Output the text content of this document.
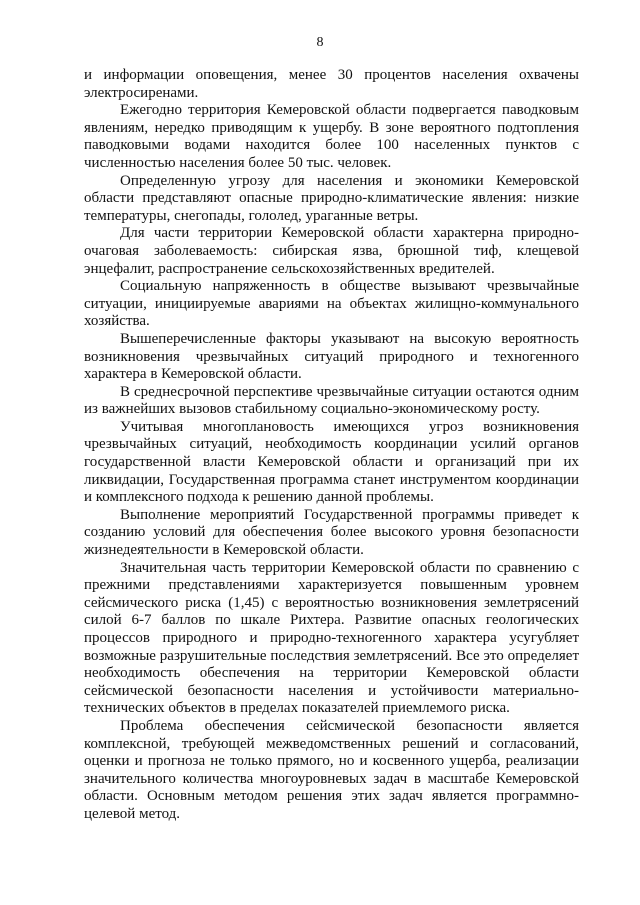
8

и информации оповещения, менее 30 процентов населения охвачены электросиренами.

Ежегодно территория Кемеровской области подвергается паводковым явлениям, нередко приводящим к ущербу. В зоне вероятного подтопления паводковыми водами находится более 100 населенных пунктов с численностью населения более 50 тыс. человек.

Определенную угрозу для населения и экономики Кемеровской области представляют опасные природно-климатические явления: низкие температуры, снегопады, гололед, ураганные ветры.

Для части территории Кемеровской области характерна природно-очаговая заболеваемость: сибирская язва, брюшной тиф, клещевой энцефалит, распространение сельскохозяйственных вредителей.

Социальную напряженность в обществе вызывают чрезвычайные ситуации, инициируемые авариями на объектах жилищно-коммунального хозяйства.

Вышеперечисленные факторы указывают на высокую вероятность возникновения чрезвычайных ситуаций природного и техногенного характера в Кемеровской области.

В среднесрочной перспективе чрезвычайные ситуации остаются одним из важнейших вызовов стабильному социально-экономическому росту.

Учитывая многоплановость имеющихся угроз возникновения чрезвычайных ситуаций, необходимость координации усилий органов государственной власти Кемеровской области и организаций при их ликвидации, Государственная программа станет инструментом координации и комплексного подхода к решению данной проблемы.

Выполнение мероприятий Государственной программы приведет к созданию условий для обеспечения более высокого уровня безопасности жизнедеятельности в Кемеровской области.

Значительная часть территории Кемеровской области по сравнению с прежними представлениями характеризуется повышенным уровнем сейсмического риска (1,45) с вероятностью возникновения землетрясений силой 6-7 баллов по шкале Рихтера. Развитие опасных геологических процессов природного и природно-техногенного характера усугубляет возможные разрушительные последствия землетрясений. Все это определяет необходимость обеспечения на территории Кемеровской области сейсмической безопасности населения и устойчивости материально-технических объектов в пределах показателей приемлемого риска.

Проблема обеспечения сейсмической безопасности является комплексной, требующей межведомственных решений и согласований, оценки и прогноза не только прямого, но и косвенного ущерба, реализации значительного количества многоуровневых задач в масштабе Кемеровской области. Основным методом решения этих задач является программно-целевой метод.
